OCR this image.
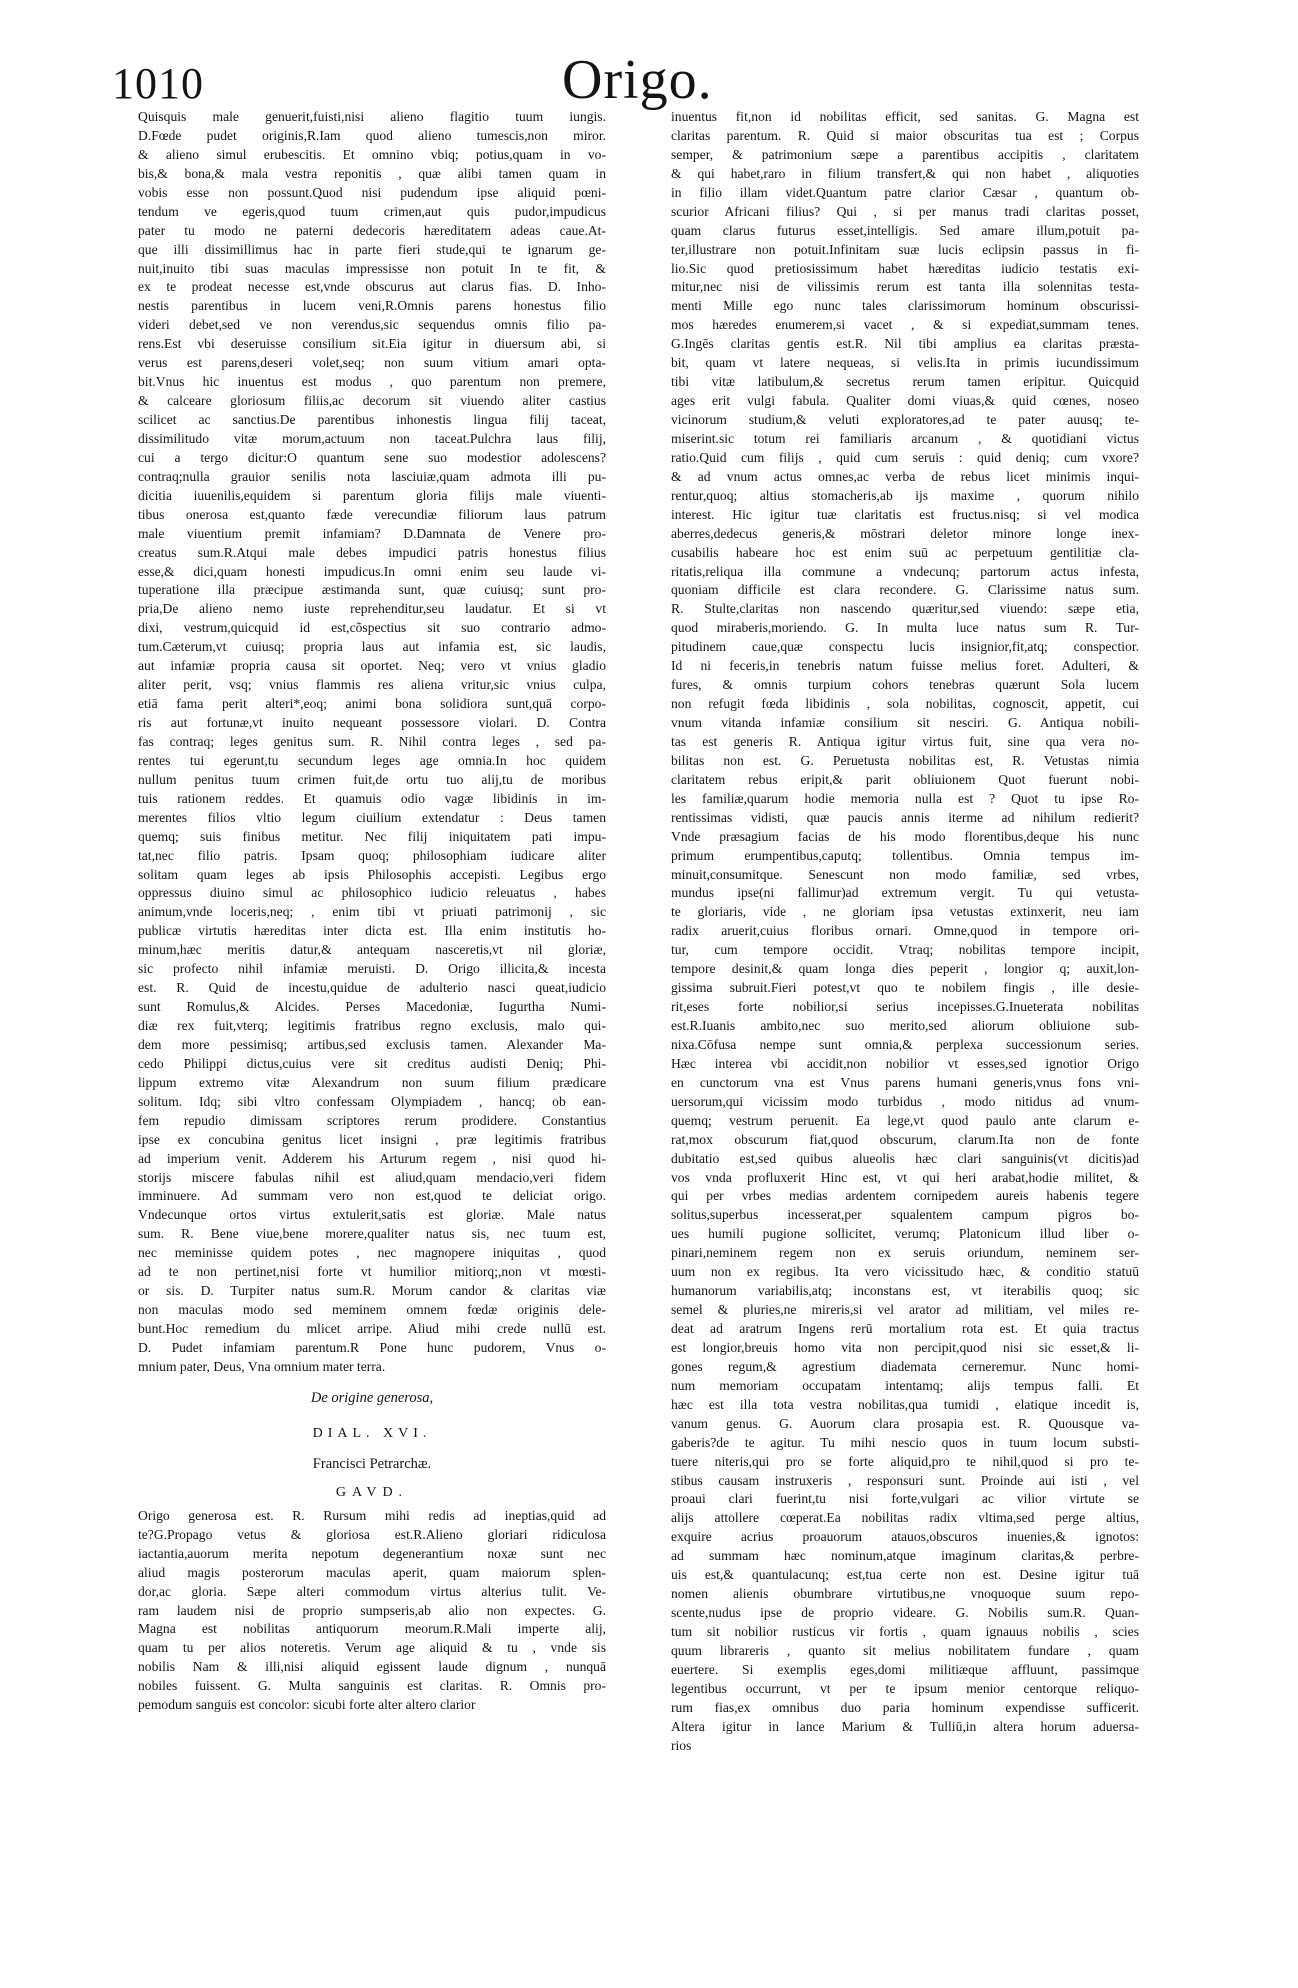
1010	Origo.
Quisquis male genuerit,fuisti,nisi alieno flagitio tuum iungis.
D.Fœde pudet originis,R.Iam quod alieno tumescis,non miror.
& alieno simul erubescitis. Et omnino vbiq; potius,quam in vo-
bis,& bona,& mala vestra reponitis , quæ alibi tamen quam in
vobis esse non possunt.Quod nisi pudendum ipse aliquid pœni-
tendum ve egeris,quod tuum crimen,aut quis pudor,impudicus
pater tu modo ne paterni dedecoris hæreditatem adeas caue.At-
que illi dissimillimus hac in parte fieri stude,qui te ignarum ge-
nuit,inuito tibi suas maculas impressisse non potuit In te fit, &
ex te prodeat necesse est,vnde obscurus aut clarus fias. D. Inho-
nestis parentibus in lucem veni,R.Omnis parens honestus filio
videri debet,sed ve non verendus,sic sequendus omnis filio pa-
rens.Est vbi deseruisse consilium sit.Eia igitur in diuersum abi, si
verus est parens,deseri volet,seq; non suum vitium amari opta-
bit.Vnus hic inuentus est modus , quo parentum non premere,
& calceare gloriosum filiis,ac decorum sit viuendo aliter castius
scilicet ac sanctius.De parentibus inhonestis lingua filij taceat,
dissimilitudo vitæ morum,actuum non taceat.Pulchra laus filij,
cui a tergo dicitur:O quantum sene suo modestior adolescens?
contraq;nulla grauior senilis nota lasciuiæ,quam admota illi pu-
dicitia iuuenilis,equidem si parentum gloria filijs male viuenti-
tibus onerosa est,quanto fæde verecundiæ filiorum laus patrum
male viuentium premit infamiam? D.Damnata de Venere pro-
creatus sum.R.Atqui male debes impudici patris honestus filius
esse,& dici,quam honesti impudicus.In omni enim seu laude vi-
tuperatione illa præcipue æstimanda sunt, quæ cuiusq; sunt pro-
pria,De alieno nemo iuste reprehenditur,seu laudatur. Et si vt
dixi, vestrum,quicquid id est,cõspectius sit suo contrario admo-
tum.Cæterum,vt cuiusq; propria laus aut infamia est, sic laudis,
aut infamiæ propria causa sit oportet. Neq; vero vt vnius gladio
aliter perit, vsq; vnius flammis res aliena vritur,sic vnius culpa,
etiā fama perit alteri*,eoq; animi bona solidiora sunt,quā corpo-
ris aut fortunæ,vt inuito nequeant possessore violari. D. Contra
fas contraq; leges genitus sum. R. Nihil contra leges , sed pa-
rentes tui egerunt,tu secundum leges age omnia.In hoc quidem
nullum penitus tuum crimen fuit,de ortu tuo alij,tu de moribus
tuis rationem reddes. Et quamuis odio vagæ libidinis in im-
merentes filios vltio legum ciuilium extendatur : Deus tamen
quemq; suis finibus metitur. Nec filij iniquitatem pati impu-
tat,nec filio patris. Ipsam quoq; philosophiam iudicare aliter
solitam quam leges ab ipsis Philosophis accepisti. Legibus ergo
oppressus diuino simul ac philosophico iudicio releuatus , habes
animum,vnde loceris,neq; , enim tibi vt priuati patrimonij , sic
publicæ virtutis hæreditas inter dicta est. Illa enim institutis ho-
minum,hæc meritis datur,& antequam nasceretis,vt nil gloriæ,
sic profecto nihil infamiæ meruisti. D. Origo illicita,& incesta
est. R. Quid de incestu,quidue de adulterio nasci queat,iudicio
sunt Romulus,& Alcides. Perses Macedoniæ, Iugurtha Numi-
diæ rex fuit,vterq; legitimis fratribus regno exclusis, malo qui-
dem more pessimisq; artibus,sed exclusis tamen. Alexander Ma-
cedo Philippi dictus,cuius vere sit creditus audisti Deniq; Phi-
lippum extremo vitæ Alexandrum non suum filium prædicare
solitum. Idq; sibi vltro confessam Olympiadem , hancq; ob ean-
fem repudio dimissam scriptores rerum prodidere. Constantius
ipse ex concubina genitus licet insigni , præ legitimis fratribus
ad imperium venit. Adderem his Arturum regem , nisi quod hi-
storijs miscere fabulas nihil est aliud,quam mendacio,veri fidem
imminuere. Ad summam vero non est,quod te deliciat origo.
Vndecunque ortos virtus extulerit,satis est gloriæ. Male natus
sum. R. Bene viue,bene morere,qualiter natus sis, nec tuum est,
nec meminisse quidem potes , nec magnopere iniquitas , quod
ad te non pertinet,nisi forte vt humilior mitiorq;,non vt mœsti-
or sis. D. Turpiter natus sum.R. Morum candor & claritas viæ
non maculas modo sed meminem omnem fœdæ originis dele-
bunt.Hoc remedium du mlicet arripe. Aliud mihi crede nullū est.
D. Pudet infamiam parentum.R Pone hunc pudorem, Vnus o-
mnium pater, Deus, Vna omnium mater terra.
De origine generosa,
DIAL. XVI.
Francisci Petrarchæ.
GAVD.
Origo generosa est. R. Rursum mihi redis ad ineptias,quid ad
te?G.Propago vetus & gloriosa est.R.Alieno gloriari ridiculosa
iactantia,auorum merita nepotum degenerantium noxæ sunt nec
aliud magis posterorum maculas aperit, quam maiorum splen-
dor,ac gloria. Sæpe alteri commodum virtus alterius tulit. Ve-
ram laudem nisi de proprio sumpseris,ab alio non expectes. G.
Magna est nobilitas antiquorum meorum.R.Mali imperte alij,
quam tu per alios noteretis. Verum age aliquid & tu , vnde sis
nobilis Nam & illi,nisi aliquid egissent laude dignum , nunquā
nobiles fuissent. G. Multa sanguinis est claritas. R. Omnis pro-
pemodum sanguis est concolor: sicubi forte alter altero clarior
inuentus fit,non id nobilitas efficit, sed sanitas. G. Magna est
claritas parentum. R. Quid si maior obscuritas tua est ; Corpus
semper, & patrimonium sæpe a parentibus accipitis , claritatem
& qui habet,raro in filium transfert,& qui non habet , aliquoties
in filio illam videt.Quantum patre clarior Cæsar , quantum ob-
scurior Africani filius? Qui , si per manus tradi claritas posset,
quam clarus futurus esset,intelligis. Sed amare illum,potuit pa-
ter,illustrare non potuit.Infinitam suæ lucis eclipsin passus in fi-
lio.Sic quod pretiosissimum habet hæreditas iudicio testatis exi-
mitur,nec nisi de vilissimis rerum est tanta illa solennitas testa-
menti Mille ego nunc tales clarissimorum hominum obscurissi-
mos hæredes enumerem,si vacet , & si expediat,summam tenes.
G.Ingēs claritas gentis est.R. Nil tibi amplius ea claritas præsta-
bit, quam vt latere nequeas, si velis.Ita in primis iucundissimum
tibi vitæ latibulum,& secretus rerum tamen eripitur. Quicquid
ages erit vulgi fabula. Qualiter domi viuas,& quid cœnes, noseo
vicinorum studium,& veluti exploratores,ad te pater auusq; te-
miserint.sic totum rei familiaris arcanum , & quotidiani victus
ratio.Quid cum filijs , quid cum seruis : quid deniq; cum vxore?
& ad vnum actus omnes,ac verba de rebus licet minimis inqui-
rentur,quoq; altius stomacheris,ab ijs maxime , quorum nihilo
interest. Hic igitur tuæ claritatis est fructus.nisq; si vel modica
aberres,dedecus generis,& mōstrari deletor minore longe inex-
cusabilis habeare hoc est enim suū ac perpetuum gentilitiæ cla-
ritatis,reliqua illa commune a vndecunq; partorum actus infesta,
quoniam difficile est clara recondere. G. Clarissime natus sum.
R. Stulte,claritas non nascendo quæritur,sed viuendo: sæpe etia,
quod miraberis,moriendo. G. In multa luce natus sum R. Tur-
pitudinem caue,quæ conspectu lucis insignior,fit,atq; conspectior.
Id ni feceris,in tenebris natum fuisse melius foret. Adulteri, &
fures, & omnis turpium cohors tenebras quærunt Sola lucem
non refugit fœda libidinis , sola nobilitas, cognoscit, appetit, cui
vnum vitanda infamiæ consilium sit nesciri. G. Antiqua nobili-
tas est generis R. Antiqua igitur virtus fuit, sine qua vera no-
bilitas non est. G. Peruetusta nobilitas est, R. Vetustas nimia
claritatem rebus eripit,& parit obliuionem Quot fuerunt nobi-
les familiæ,quarum hodie memoria nulla est ? Quot tu ipse Ro-
rentissimas vidisti, quæ paucis annis iterme ad nihilum redierit?
Vnde præsagium facias de his modo florentibus,deque his nunc
primum erumpentibus,caputq; tollentibus. Omnia tempus im-
minuit,consumitque. Senescunt non modo familiæ, sed vrbes,
mundus ipse(ni fallimur)ad extremum vergit. Tu qui vetusta-
te gloriaris, vide , ne gloriam ipsa vetustas extinxerit, neu iam
radix aruerit,cuius floribus ornari. Omne,quod in tempore ori-
tur, cum tempore occidit. Vtraq; nobilitas tempore incipit,
tempore desinit,& quam longa dies peperit , longior q; auxit,lon-
gissima subruit.Fieri potest,vt quo te nobilem fingis , ille desie-
rit,eses forte nobilior,si serius incepisses.G.Inueterata nobilitas
est.R.Iuanis ambito,nec suo merito,sed aliorum obliuione sub-
nixa.Cōfusa nempe sunt omnia,& perplexa successionum series.
Hæc interea vbi accidit,non nobilior vt esses,sed ignotior Origo
en cunctorum vna est Vnus parens humani generis,vnus fons vni-
uersorum,qui vicissim modo turbidus , modo nitidus ad vnum-
quemq; vestrum peruenit. Ea lege,vt quod paulo ante clarum e-
rat,mox obscurum fiat,quod obscurum, clarum.Ita non de fonte
dubitatio est,sed quibus alueolis hæc clari sanguinis(vt dicitis)ad
vos vnda profluxerit Hinc est, vt qui heri arabat,hodie militet, &
qui per vrbes medias ardentem cornipedem aureis habenis tegere
solitus,superbus incesserat,per squalentem campum pigros bo-
ues humili pugione sollicitet, verumq; Platonicum illud liber o-
pinari,neminem regem non ex seruis oriundum, neminem ser-
uum non ex regibus. Ita vero vicissitudo hæc, & conditio statuū
humanorum variabilis,atq; inconstans est, vt iterabilis quoq; sic
semel & pluries,ne mireris,si vel arator ad militiam, vel miles re-
deat ad aratrum Ingens rerū mortalium rota est. Et quia tractus
est longior,breuis homo vita non percipit,quod nisi sic esset,& li-
gones regum,& agrestium diademata cerneremur. Nunc homi-
num memoriam occupatam intentamq; alijs tempus falli. Et
hæc est illa tota vestra nobilitas,qua tumidi , elatique incedit is,
vanum genus. G. Auorum clara prosapia est. R. Quousque va-
gaberis?de te agitur. Tu mihi nescio quos in tuum locum substi-
tuere niteris,qui pro se forte aliquid,pro te nihil,quod si pro te-
stibus causam instruxeris , responsuri sunt. Proinde aui isti , vel
proaui clari fuerint,tu nisi forte,vulgari ac vilior virtute se
alijs attollere cœperat.Ea nobilitas radix vltima,sed perge altius,
exquire acrius proauorum atauos,obscuros inuenies,& ignotos:
ad summam hæc nominum,atque imaginum claritas,& perbre-
uis est,& quantulacunq; est,tua certe non est. Desine igitur tuā
nomen alienis obumbrare virtutibus,ne vnoquoque suum repo-
scente,nudus ipse de proprio videare. G. Nobilis sum.R. Quan-
tum sit nobilior rusticus vir fortis , quam ignauus nobilis , scies
quum librareris , quanto sit melius nobilitatem fundare , quam
euertere. Si exemplis eges,domi militiæque affluunt, passimque
legentibus occurrunt, vt per te ipsum menior centorque reliquo-
rum fias,ex omnibus duo paria hominum expendisse sufficerit.
Altera igitur in lance Marium & Tulliū,in altera horum aduersa-
rios
